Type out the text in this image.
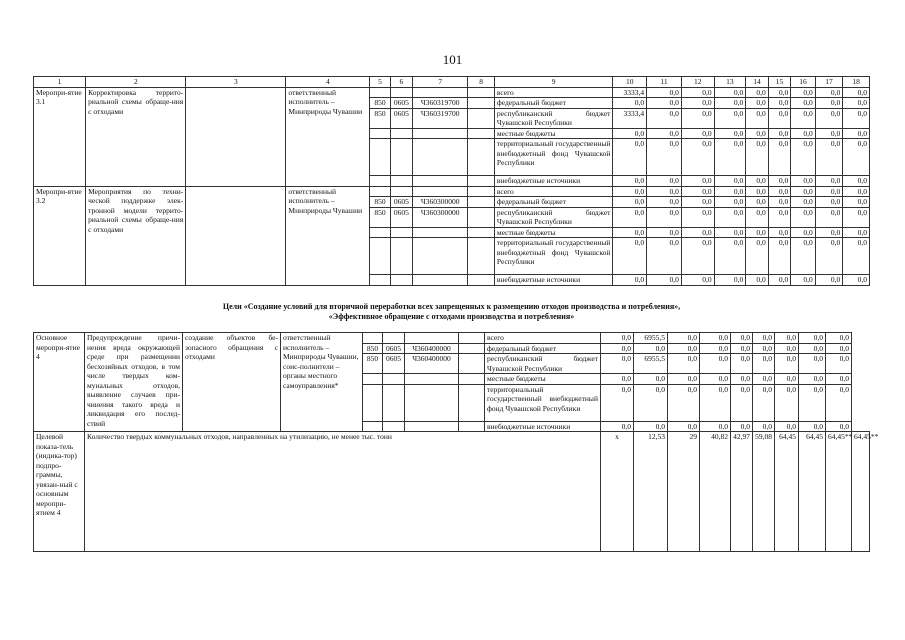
101
1	2	3	4	5	6	7	8	9	10	11	12	13	14	15	16	17	18
Меропри-ятие 3.1	Корректировка террито-риальной схемы обраще-ния с отходами		ответственный исполнитель – Минприроды Чувашии					всего	3333,4	0,0	0,0	0,0	0,0	0,0	0,0	0,0	0,0
				850	0605	Ч360319700		федеральный бюджет	0,0	0,0	0,0	0,0	0,0	0,0	0,0	0,0	0,0
				850	0605	Ч360319700		республиканский бюджет Чувашской Республики	3333,4	0,0	0,0	0,0	0,0	0,0	0,0	0,0	0,0
								местные бюджеты	0,0	0,0	0,0	0,0	0,0	0,0	0,0	0,0	0,0
								территориальный государственный внебюджетный фонд Чувашской Республики	0,0	0,0	0,0	0,0	0,0	0,0	0,0	0,0	0,0
								внебюджетные источники	0,0	0,0	0,0	0,0	0,0	0,0	0,0	0,0	0,0
Меропри-ятие 3.2	Мероприятия по техни-ческой поддержке элек-тронной модели террито-риальной схемы обраще-ния с отходами		ответственный исполнитель – Минприроды Чувашии					всего	0,0	0,0	0,0	0,0	0,0	0,0	0,0	0,0	0,0
				850	0605	Ч360300000		федеральный бюджет	0,0	0,0	0,0	0,0	0,0	0,0	0,0	0,0	0,0
				850	0605	Ч360300000		республиканский бюджет Чувашской Республики	0,0	0,0	0,0	0,0	0,0	0,0	0,0	0,0	0,0
								местные бюджеты	0,0	0,0	0,0	0,0	0,0	0,0	0,0	0,0	0,0
								территориальный государственный внебюджетный фонд Чувашской Республики	0,0	0,0	0,0	0,0	0,0	0,0	0,0	0,0	0,0
								внебюджетные источники	0,0	0,0	0,0	0,0	0,0	0,0	0,0	0,0	0,0
Цели «Создание условий для вторичной переработки всех запрещенных к размещению отходов производства и потребления»,
«Эффективное обращение с отходами производства и потребления»
Основное меропри-ятие 4	Предупреждение причи-нения вреда окружающей среде при размещении бесхозяйных отходов, в том числе твердых ком-мунальных отходов, выявление случаев при-чинения такого вреда и ликвидация его послед-ствий	создание объектов бе-зопасного обращения с отходами	ответственный исполнитель – Минприроды Чувашии, соис-полнители – органы местного самоуправления*					всего	0,0	6955,5	0,0	0,0	0,0	0,0	0,0	0,0	0,0	
				850	0605	Ч360400000		федеральный бюджет	0,0	0,0	0,0	0,0	0,0	0,0	0,0	0,0	0,0	
				850	0605	Ч360400000		республиканский бюджет Чувашской Республики	0,0	6955,5	0,0	0,0	0,0	0,0	0,0	0,0	0,0	
								местные бюджеты	0,0	0,0	0,0	0,0	0,0	0,0	0,0	0,0	0,0	
								территориальный государственный внебюджетный фонд Чувашской Республики	0,0	0,0	0,0	0,0	0,0	0,0	0,0	0,0	0,0	
								внебюджетные источники	0,0	0,0	0,0	0,0	0,0	0,0	0,0	0,0	0,0	
Целевой показа-тель (индика-тор) подпро-граммы, увязан-ный с основным меропри-ятием 4	Количество твердых коммунальных отходов, направленных на утилизацию, не менее тыс. тонн								x	12,53	29	40,82	42,97	59,08	64,45	64,45	64,45**	64,45**
